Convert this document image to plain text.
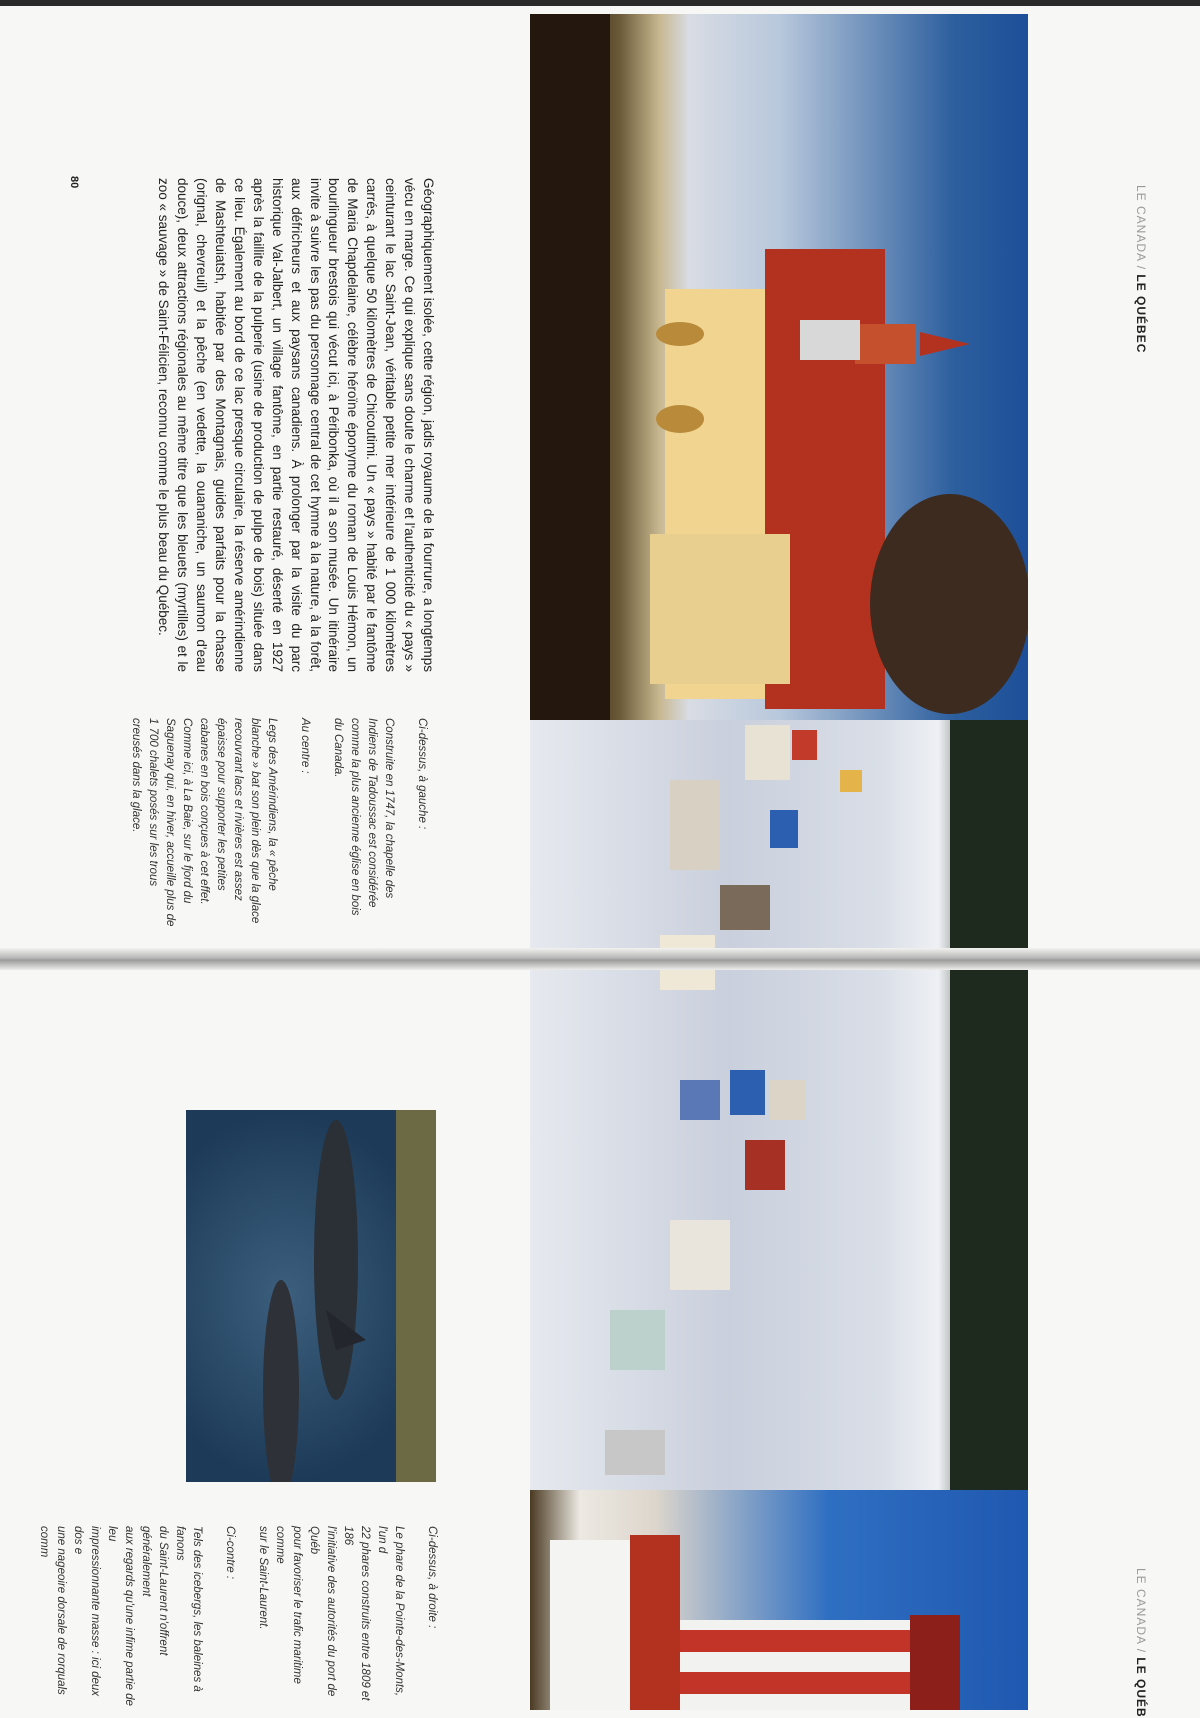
LE CANADA / LE QUÉBEC
80	Géographiquement isolée, cette région, jadis royaume de la fourrure, a longtemps vécu en marge. Ce qui explique sans doute le charme et l'authenticité du « pays » ceinturant le lac Saint-Jean, véritable petite mer intérieure de 1 000 kilomètres carrés, à quelque 50 kilomètres de Chicoutimi. Un « pays » habité par le fantôme de Maria Chapdelaine, célèbre héroïne éponyme du roman de Louis Hémon, un bourlingueur brestois qui vécut ici, à Péribonka, où il a son musée. Un itinéraire invite à suivre les pas du personnage central de cet hymne à la nature, à la forêt, aux défricheurs et aux paysans canadiens. À prolonger par la visite du parc historique Val-Jalbert, un village fantôme, en partie restauré, déserté en 1927 après la faillite de la pulperie (usine de production de pulpe de bois) située dans ce lieu. Également au bord de ce lac presque circulaire, la réserve amérindienne de Mashteuiatsh, habitée par des Montagnais, guides parfaits pour la chasse (orignal, chevreuil) et la pêche (en vedette, la ouananiche, un saumon d'eau douce), deux attractions régionales au même titre que les bleuets (myrtilles) et le zoo « sauvage » de Saint-Félicien, reconnu comme le plus beau du Québec.

Ci-dessus, à gauche :

Construite en 1747, la chapelle des Indiens de Tadoussac est considérée comme la plus ancienne église en bois du Canada.

Au centre :

Legs des Amérindiens, la « pêche blanche » bat son plein dès que la glace recouvrant lacs et rivières est assez épaisse pour supporter les petites cabanes en bois conçues à cet effet. Comme ici, à La Baie, sur le fjord du Saguenay qui, en hiver, accueille plus de 1 700 chalets posés sur les trous creusés dans la glace.

LE CANADA / LE QUÉB

Ci-dessus, à droite :

Le phare de la Pointe-des-Monts, l'un d
22 phares construits entre 1809 et 186
l'initiative des autorités du port de Québ
pour favoriser le trafic maritime comme
sur le Saint-Laurent.

Ci-contre :

Tels des icebergs, les baleines à fanons
du Saint-Laurent n'offrent généralement
aux regards qu'une infime partie de leu
impressionnante masse : ici deux dos e
une nageoire dorsale de rorquals comm
